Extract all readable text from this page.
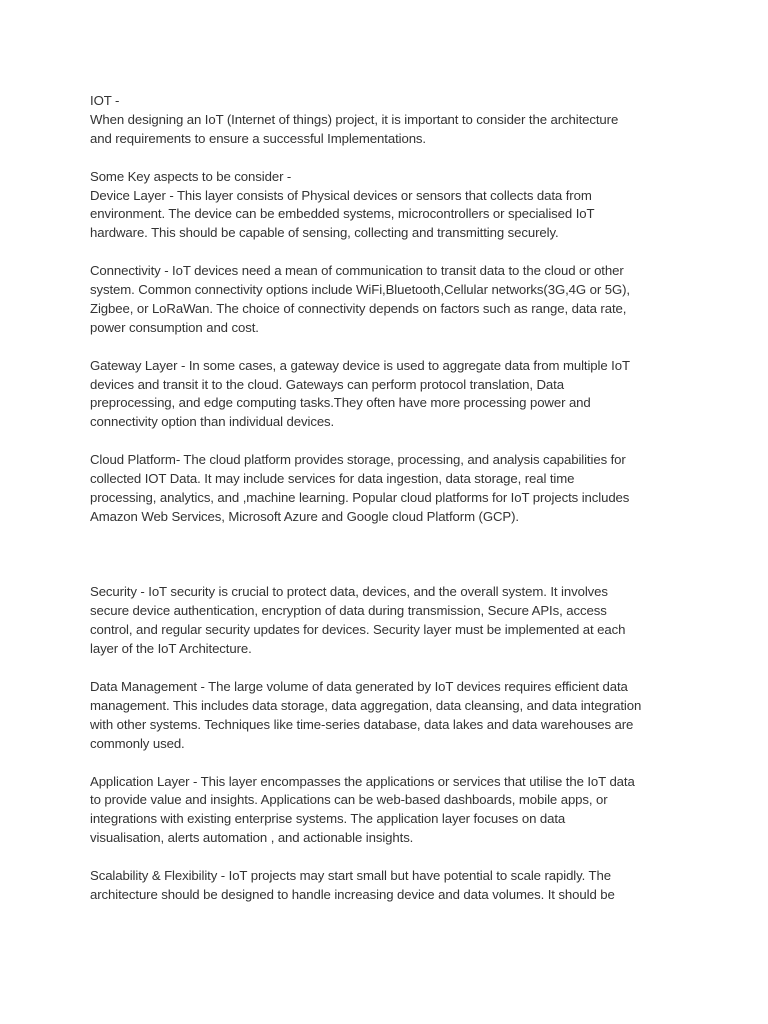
IOT -

When designing an IoT (Internet of things) project, it is important to consider the architecture
and requirements to ensure a successful Implementations.

Some Key aspects to be consider -

Device Layer - This layer consists of Physical devices or sensors that collects data from
environment. The device can be embedded systems, microcontrollers or specialised IoT
hardware. This should be capable of sensing, collecting and transmitting securely.

Connectivity - IoT devices need a mean of communication to transit data to the cloud or other
system. Common connectivity options include WiFi,Bluetooth,Cellular networks(3G,4G or 5G),
Zigbee, or LoRaWan. The choice of connectivity depends on factors such as range, data rate,
power consumption and cost.

Gateway Layer - In some cases, a gateway device is used to aggregate data from multiple IoT
devices and transit it to the cloud. Gateways can perform protocol translation, Data
preprocessing, and edge computing tasks.They often have more processing power and
connectivity option than individual devices.

Cloud Platform- The cloud platform provides storage, processing, and analysis capabilities for
collected IOT Data. It may include services for data ingestion, data storage, real time
processing, analytics, and ,machine learning. Popular cloud platforms for IoT projects includes
Amazon Web Services, Microsoft Azure and Google cloud Platform (GCP).

Security - IoT security is crucial to protect data, devices, and the overall system. It involves
secure device authentication, encryption of data during transmission, Secure APIs, access
control, and regular security updates for devices. Security layer must be implemented at each
layer of the IoT Architecture.

Data Management - The large volume of data generated by IoT devices requires efficient data
management. This includes data storage, data aggregation, data cleansing, and data integration
with other systems. Techniques like time-series database, data lakes and data warehouses are
commonly used.

Application Layer - This layer encompasses the applications or services that utilise the IoT data
to provide value and insights. Applications can be web-based dashboards, mobile apps, or
integrations with existing enterprise systems. The application layer focuses on data
visualisation, alerts automation , and actionable insights.

Scalability & Flexibility - IoT projects may start small but have potential to scale rapidly. The
architecture should be designed to handle increasing device and data volumes. It should be
